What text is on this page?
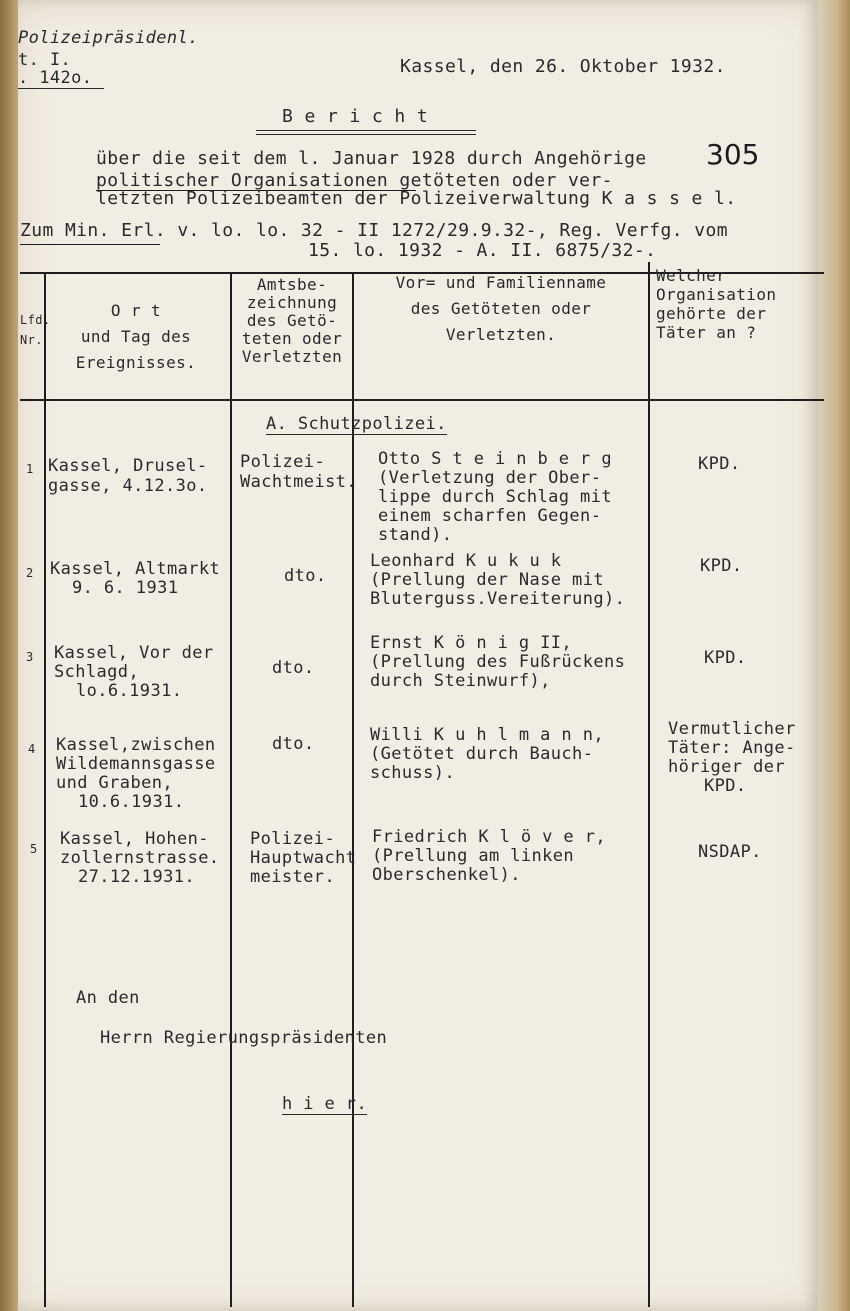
Polizeipräsidenl.
t. I.
. 142o.
Kassel, den 26. Oktober 1932.
305
B e r i c h t
über die seit dem l. Januar 1928 durch Angehörige
politischer Organisationen getöteten oder ver-
letzten Polizeibeamten der Polizeiverwaltung K a s s e l.
Zum Min. Erl. v. lo. lo. 32 - II 1272/29.9.32-, Reg. Verfg. vom
15. lo. 1932 - A. II. 6875/32-.
Lfd.
Nr.
O r t
und Tag des
Ereignisses.
Amtsbe-
zeichnung
des Getö-
teten oder
Verletzten
Vor= und Familienname
des Getöteten oder
Verletzten.
Welcher
Organisation
gehörte der
Täter an ?
A. Schutzpolizei.
1 Kassel, Drusel-
gasse, 4.12.3o.
Polizei-
Wachtmeist.
Otto S t e i n b e r g
(Verletzung der Ober-
lippe durch Schlag mit
einem scharfen Gegen-
stand).
KPD.
2 Kassel, Altmarkt
9. 6. 1931
dto.
Leonhard K u k u k
(Prellung der Nase mit
Bluterguss.Vereiterung).
KPD.
3 Kassel, Vor der
Schlagd,
lo.6.1931.
dto.
Ernst K ö n i g II,
(Prellung des Fußrückens
durch Steinwurf),
KPD.
4 Kassel,zwischen
Wildemannsgasse
und Graben,
10.6.1931.
dto.	Willi K u h l m a n n,
(Getötet durch Bauch-
schuss).
Vermutlicher
Täter: Ange-
höriger der
KPD.
5 Kassel, Hohen-
zollernstrasse.
27.12.1931.
Polizei-
Hauptwacht
meister.
Friedrich K l ö v e r,
(Prellung am linken
Oberschenkel).
NSDAP.
An den
Herrn Regierungspräsidenten
h i e r.
